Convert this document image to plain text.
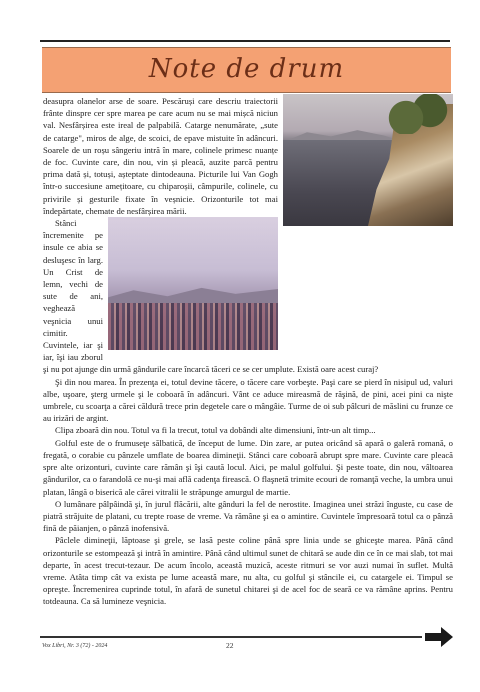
Note de drum

deasupra olanelor arse de soare. Pescăruși care descriu traiectorii frânte dinspre cer spre marea pe care acum nu se mai mișcă niciun val. Nesfârșirea este ireal de palpabilă. Catarge nenumărate, „sute de catarge", miros de alge, de scoici, de epave mistuite în adâncuri. Soarele de un roșu sângeriu intră în mare, colinele primesc nuanțe de foc. Cuvinte care, din nou, vin și pleacă, auzite parcă pentru prima dată și, totuși, așteptate dintodeauna. Picturile lui Van Gogh într-o succesiune amețitoare, cu chiparoșii, câmpurile, colinele, cu privirile și gesturile fixate în veșnicie. Orizonturile tot mai îndepărtate, chemate de nesfârșirea mării.

Stânci încremenite pe insule ce abia se desluşesc în larg. Un Crist de lemn, vechi de sute de ani, veghează veşnicia unui cimitir. Cuvintele, iar şi iar, îşi iau zborul şi nu pot ajunge din urmă gândurile care încarcă tăceri ce se cer umplute. Există oare acest curaj?

Şi din nou marea. În prezenţa ei, totul devine tăcere, o tăcere care vorbeşte. Paşi care se pierd în nisipul ud, valuri albe, uşoare, şterg urmele şi le coboară în adâncuri. Vânt ce aduce mireasmă de răşină, de pini, acei pini ca nişte umbrele, cu scoarţa a cărei căldură trece prin degetele care o mângâie. Turme de oi sub pâlcuri de măslini cu frunze ce au irizări de argint.

Clipa zboară din nou. Totul va fi la trecut, totul va dobândi alte dimensiuni, într-un alt timp...

Golful este de o frumuseţe sălbatică, de început de lume. Din zare, ar putea oricând să apară o galeră romană, o fregată, o corabie cu pânzele umflate de boarea dimineţii. Stânci care coboară abrupt spre mare. Cuvinte care pleacă spre alte orizonturi, cuvinte care rămân şi îşi caută locul. Aici, pe malul golfului. Şi peste toate, din nou, vâltoarea gândurilor, ca o farandolă ce nu-şi mai află cadenţa firească. O flaşnetă trimite ecouri de romanţă veche, la umbra unui platan, lângă o biserică ale cărei vitralii le străpunge amurgul de martie.

O lumânare pâlpâindă şi, în jurul flăcării, alte gânduri la fel de nerostite. Imaginea unei străzi înguste, cu case de piatră străjuite de platani, cu trepte roase de vreme. Va rămâne şi ea o amintire. Cuvintele împresoară totul ca o pânză fină de păianjen, o pânză inofensivă.

Pâclele dimineţii, lăptoase şi grele, se lasă peste coline până spre linia unde se ghiceşte marea. Până când orizonturile se estompează şi intră în amintire. Până când ultimul sunet de chitară se aude din ce în ce mai slab, tot mai departe, în acest trecut-tezaur. De acum încolo, această muzică, aceste ritmuri se vor auzi numai în suflet. Multă vreme. Atâta timp cât va exista pe lume această mare, nu alta, cu golful şi stâncile ei, cu catargele ei. Timpul se opreşte. Încremenirea cuprinde totul, în afară de sunetul chitarei şi de acel foc de seară ce va rămâne aprins. Pentru totdeauna. Ca să lumineze veşnicia.

Vox Libri, Nr. 3 (72) - 2024	22
